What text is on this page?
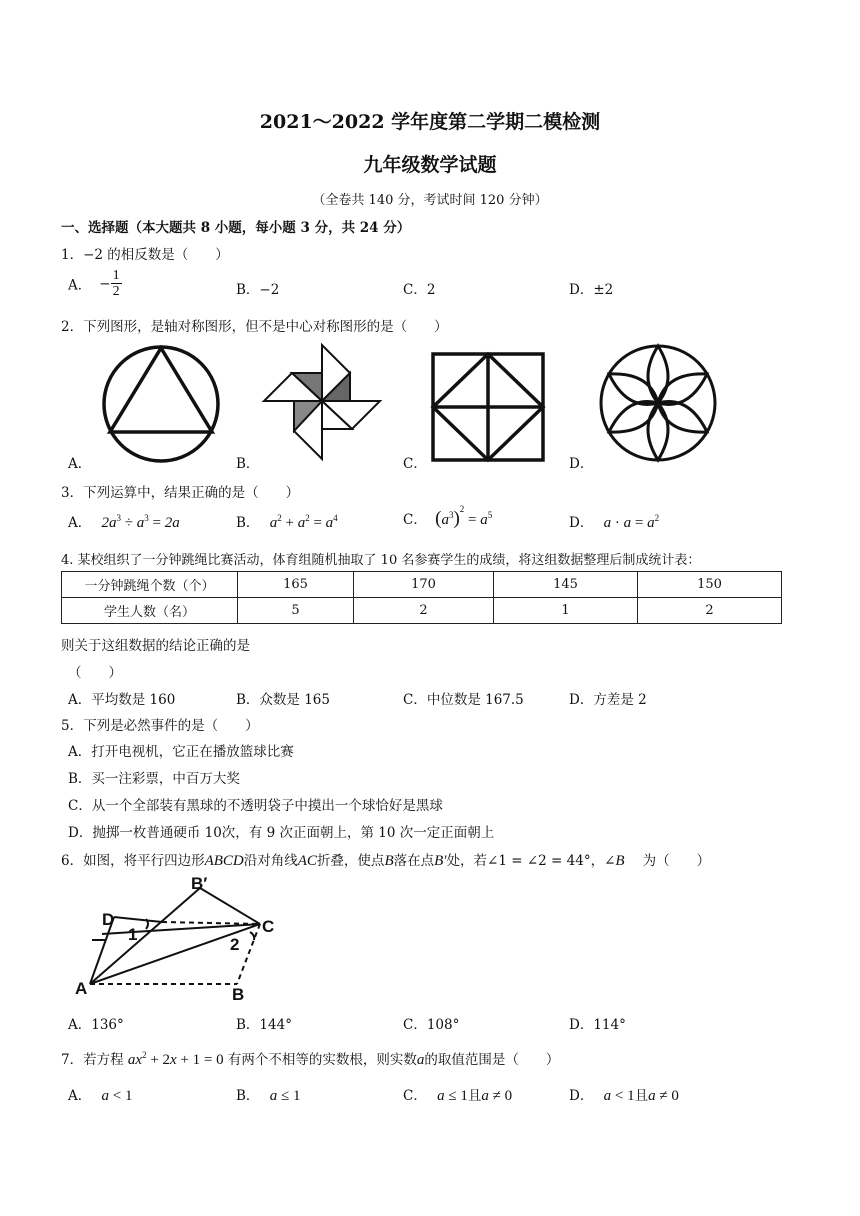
2021～2022 学年度第二学期二模检测
九年级数学试题
（全卷共 140 分，考试时间 120 分钟）
一、选择题（本大题共 8 小题，每小题 3 分，共 24 分）
1．−2 的相反数是（　　）
A． − $\frac{1}{2}$	B．−2	C．2	D．±2
2．下列图形，是轴对称图形，但不是中心对称图形的是（　　）
A．	B．	C．	D．
3．下列运算中，结果正确的是（　　）
A． $2a^3 \div a^3 = 2a$	B． $a^2 + a^2 = a^4$	C． $(a^3)^2 = a^5$	D． $a \cdot a = a^2$
4. 某校组织了一分钟跳绳比赛活动，体育组随机抽取了 10 名参赛学生的成绩，将这组数据整理后制成统计表：
一分钟跳绳个数（个）	165	170	145	150
学生人数（名）	5	2	1	2
则关于这组数据的结论正确的是
（　　）
A．平均数是 160	B．众数是 165	C．中位数是 167.5	D．方差是 2
5．下列是必然事件的是（　　）
A．打开电视机，它正在播放篮球比赛
B．买一注彩票，中百万大奖
C．从一个全部装有黑球的不透明袋子中摸出一个球恰好是黑球
D．抛掷一枚普通硬币 10次，有 9 次正面朝上，第 10 次一定正面朝上
6．如图，将平行四边形ABCD沿对角线AC折叠，使点B落在点B′处，若∠1 = ∠2 = 44°，∠B 为（　　）
B′
D
1	C
2
A	B
A．136°	B．144°	C．108°	D．114°
7．若方程 $ax^2 + 2x + 1 = 0$ 有两个不相等的实数根，则实数a的取值范围是（　　）
A． a < 1	B． a ≤ 1	C． a ≤ 1且a ≠ 0	D． a < 1且a ≠ 0
